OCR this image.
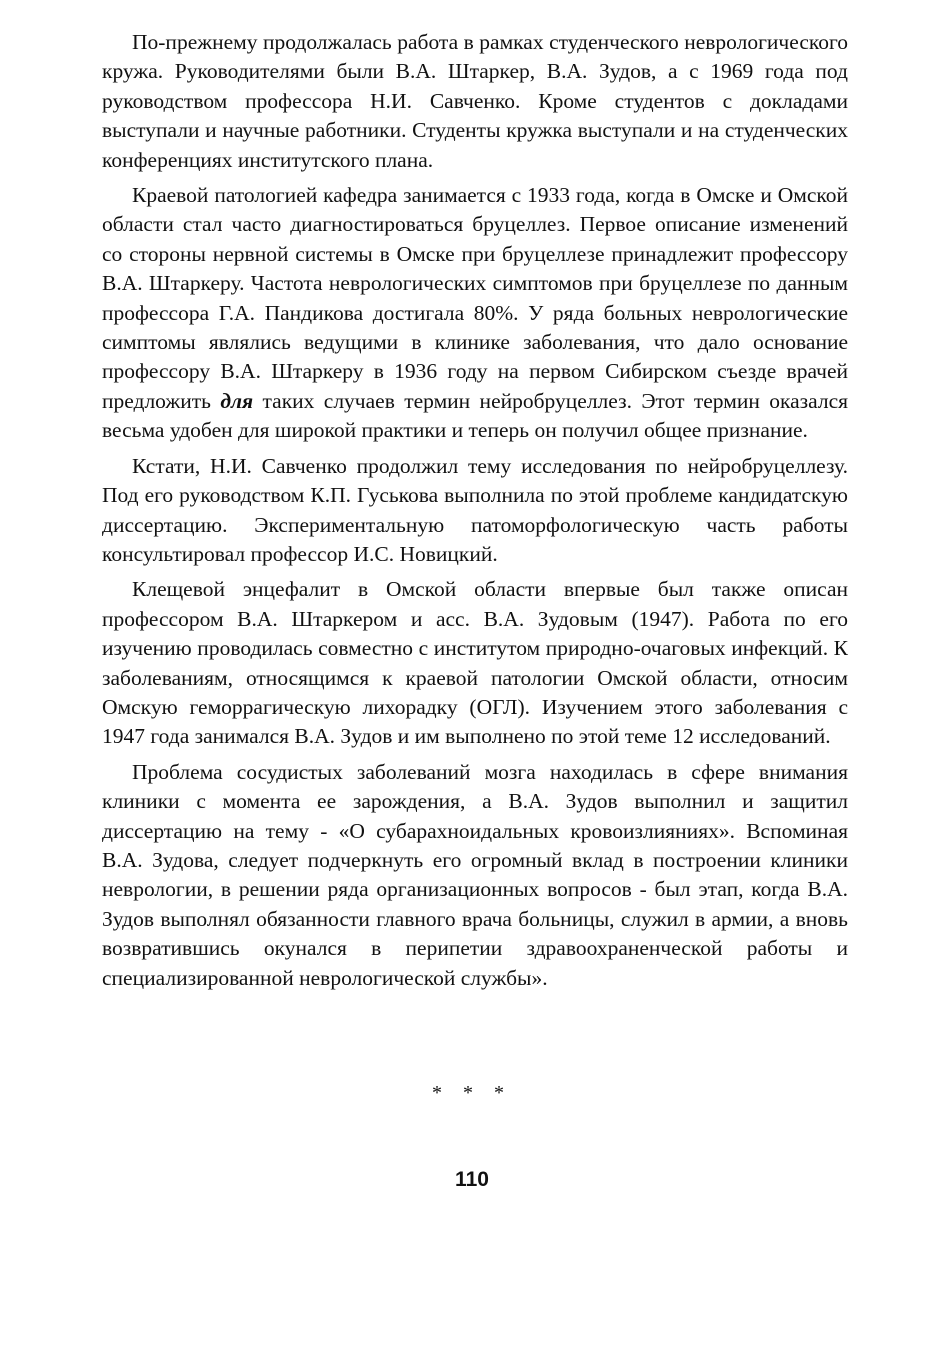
По-прежнему продолжалась работа в рамках студенческого неврологического кружа. Руководителями были В.А. Штаркер, В.А. Зудов, а с 1969 года под руководством профессора Н.И. Савченко. Кроме студентов с докладами выступали и научные работники. Студенты кружка выступали и на студенческих конференциях институтского плана.

Краевой патологией кафедра занимается с 1933 года, когда в Омске и Омской области стал часто диагностироваться бруцеллез. Первое описание изменений со стороны нервной системы в Омске при бруцеллезе принадлежит профессору В.А. Штаркеру. Частота неврологических симптомов при бруцеллезе по данным профессора Г.А. Пандикова достигала 80%. У ряда больных неврологические симптомы являлись ведущими в клинике заболевания, что дало основание профессору В.А. Штаркеру в 1936 году на первом Сибирском съезде врачей предложить для таких случаев термин нейробруцеллез. Этот термин оказался весьма удобен для широкой практики и теперь он получил общее признание.

Кстати, Н.И. Савченко продолжил тему исследования по нейробруцеллезу. Под его руководством К.П. Гуськова выполнила по этой проблеме кандидатскую диссертацию. Экспериментальную патоморфологическую часть работы консультировал профессор И.С. Новицкий.

Клещевой энцефалит в Омской области впервые был также описан профессором В.А. Штаркером и асс. В.А. Зудовым (1947). Работа по его изучению проводилась совместно с институтом природно-очаговых инфекций. К заболеваниям, относящимся к краевой патологии Омской области, относим Омскую геморрагическую лихорадку (ОГЛ). Изучением этого заболевания с 1947 года занимался В.А. Зудов и им выполнено по этой теме 12 исследований.

Проблема сосудистых заболеваний мозга находилась в сфере внимания клиники с момента ее зарождения, а В.А. Зудов выполнил и защитил диссертацию на тему - «О субарахноидальных кровоизлияниях». Вспоминая В.А. Зудова, следует подчеркнуть его огромный вклад в построении клиники неврологии, в решении ряда организационных вопросов - был этап, когда В.А. Зудов выполнял обязанности главного врача больницы, служил в армии, а вновь возвратившись окунался в перипетии здравоохраненческой работы и специализированной неврологической службы».

* * *
110
